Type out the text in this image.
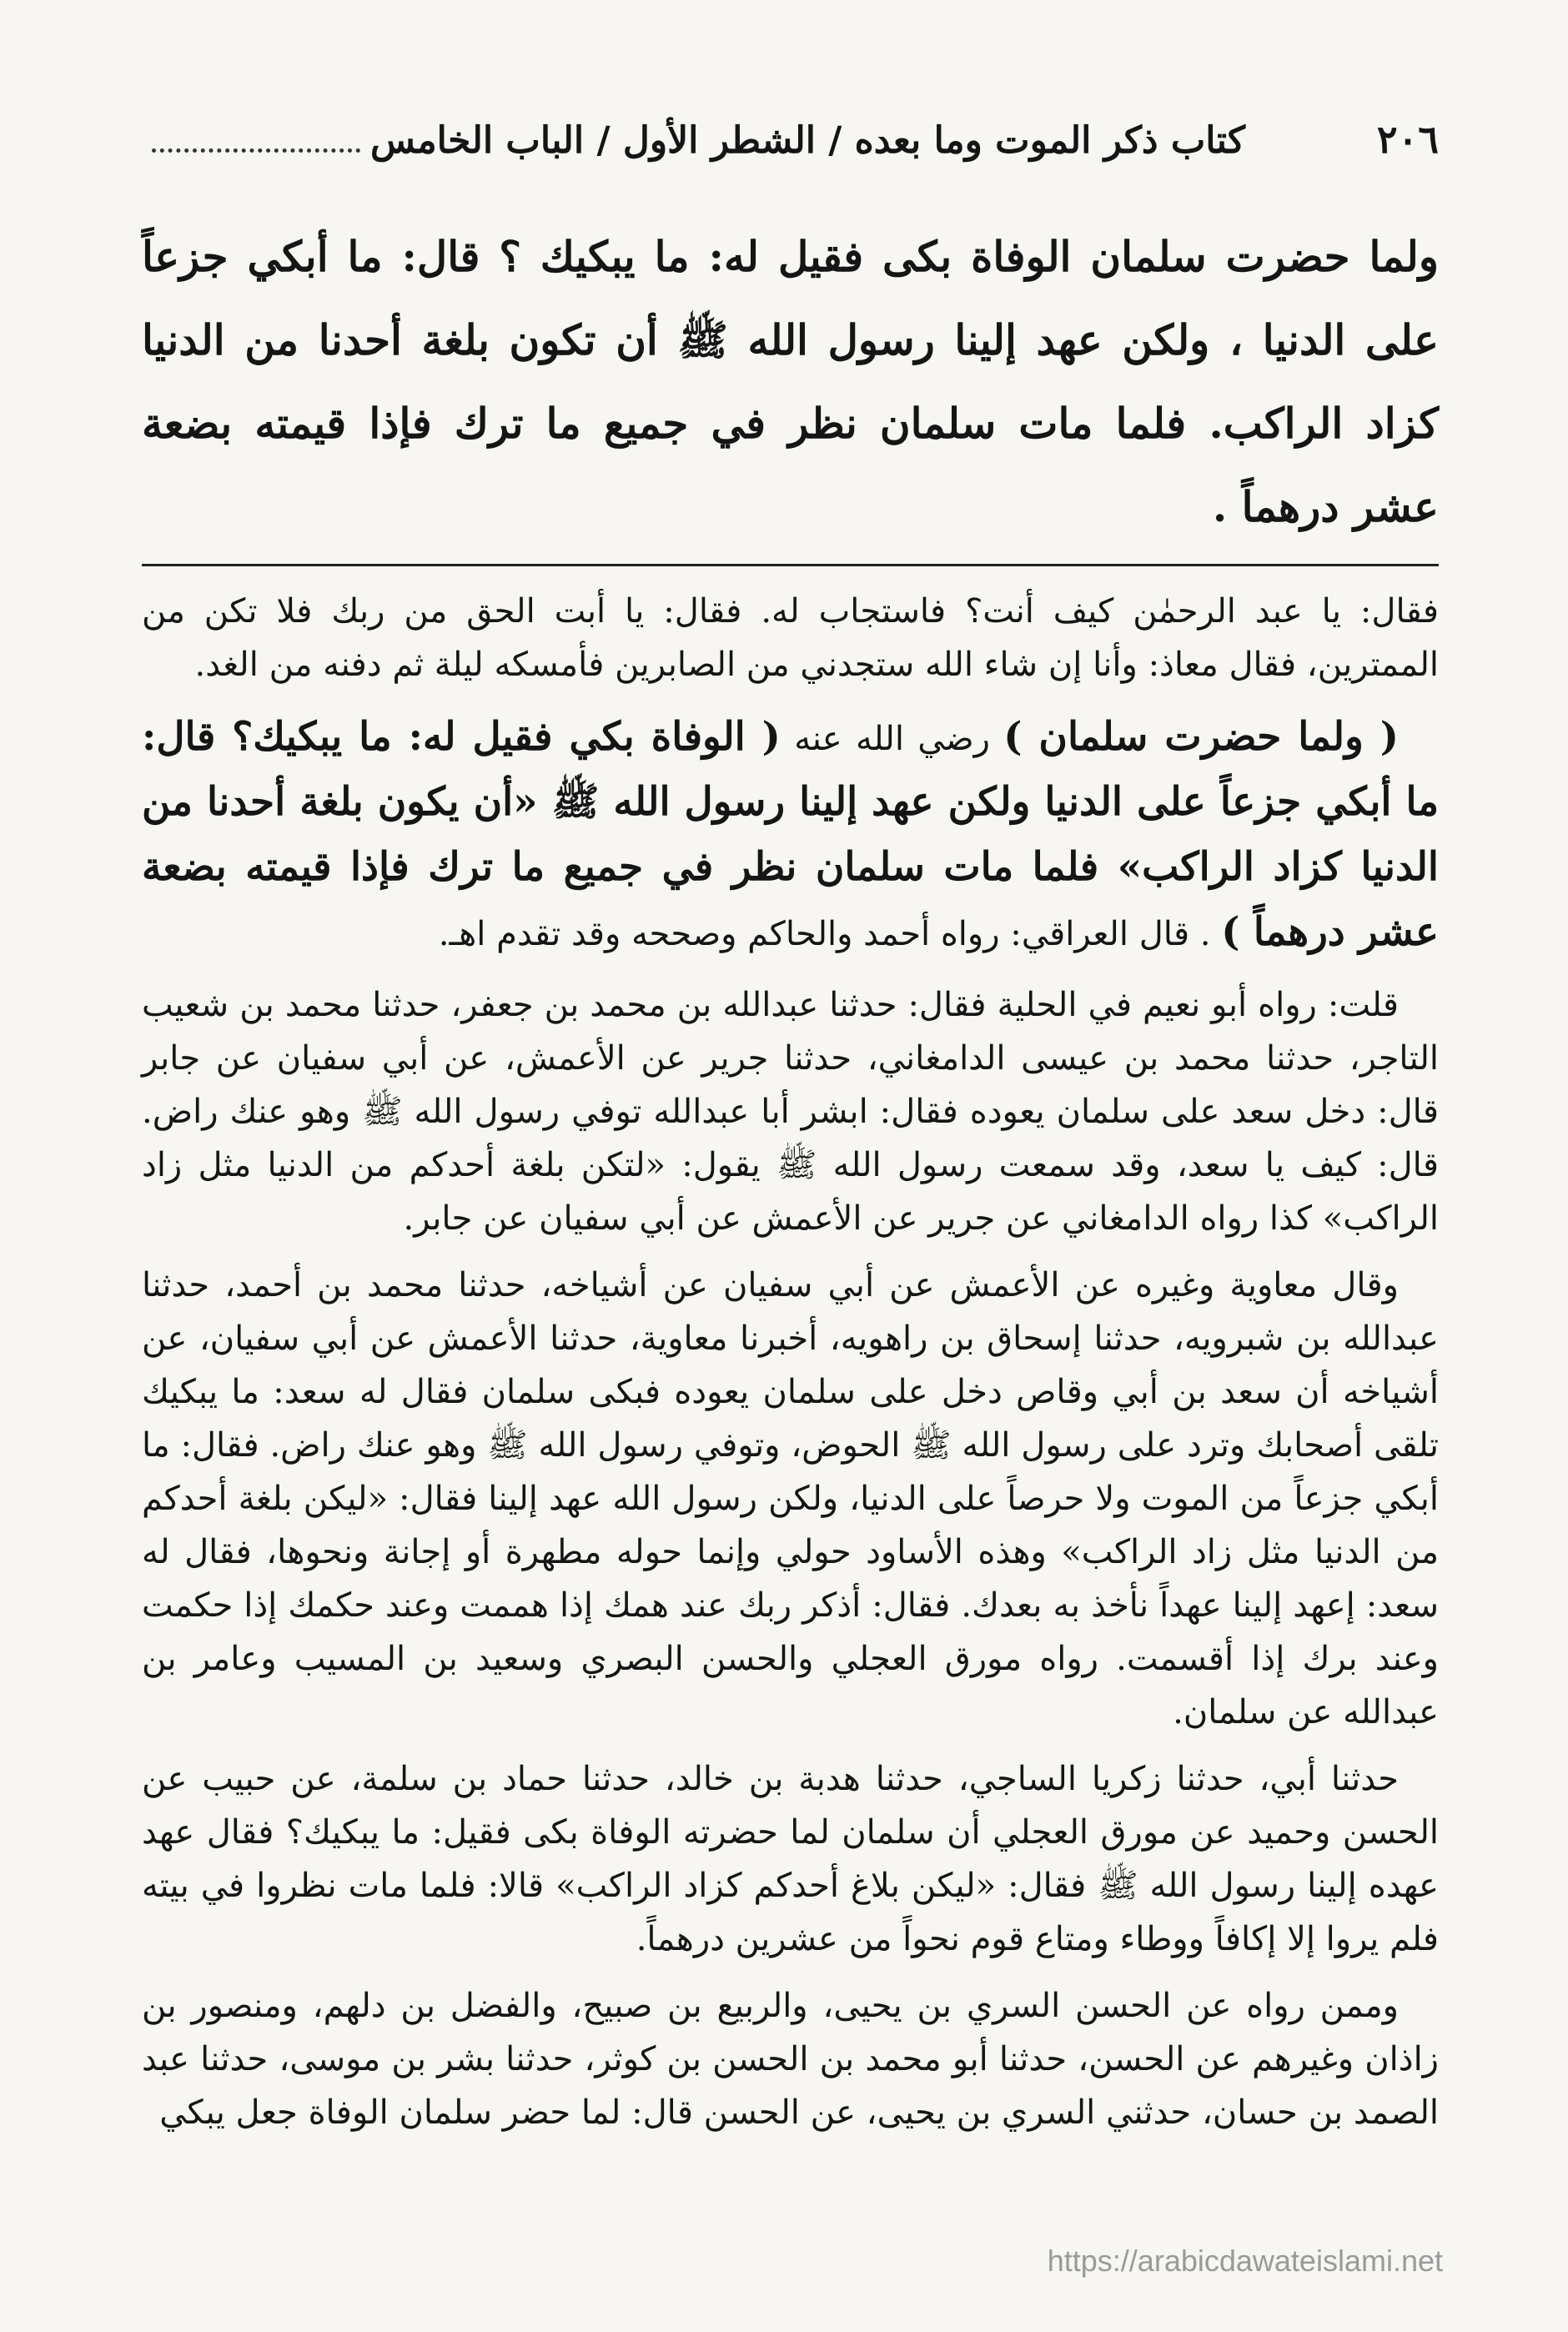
٢٠٦
كتاب ذكر الموت وما بعده / الشطر الأول / الباب الخامس
ولما حضرت سلمان الوفاة بكى فقيل له: ما يبكيك ؟ قال: ما أبكي جزعاً على الدنيا ، ولكن عهد إلينا رسول الله ﷺ أن تكون بلغة أحدنا من الدنيا كزاد الراكب. فلما مات سلمان نظر في جميع ما ترك فإذا قيمته بضعة عشر درهماً .

فقال: يا عبد الرحمٰن كيف أنت؟ فاستجاب له. فقال: يا أبت الحق من ربك فلا تكن من الممترين، فقال معاذ: وأنا إن شاء الله ستجدني من الصابرين فأمسكه ليلة ثم دفنه من الغد.

( ولما حضرت سلمان ) رضي الله عنه ( الوفاة بكي فقيل له: ما يبكيك؟ قال: ما أبكي جزعاً على الدنيا ولكن عهد إلينا رسول الله ﷺ «أن يكون بلغة أحدنا من الدنيا كزاد الراكب» فلما مات سلمان نظر في جميع ما ترك فإذا قيمته بضعة عشر درهماً ) . قال العراقي: رواه أحمد والحاكم وصححه وقد تقدم اهـ.

قلت: رواه أبو نعيم في الحلية فقال: حدثنا عبدالله بن محمد بن جعفر، حدثنا محمد بن شعيب التاجر، حدثنا محمد بن عيسى الدامغاني، حدثنا جرير عن الأعمش، عن أبي سفيان عن جابر قال: دخل سعد على سلمان يعوده فقال: ابشر أبا عبدالله توفي رسول الله ﷺ وهو عنك راض. قال: كيف يا سعد، وقد سمعت رسول الله ﷺ يقول: «لتكن بلغة أحدكم من الدنيا مثل زاد الراكب» كذا رواه الدامغاني عن جرير عن الأعمش عن أبي سفيان عن جابر.

وقال معاوية وغيره عن الأعمش عن أبي سفيان عن أشياخه، حدثنا محمد بن أحمد، حدثنا عبدالله بن شبرويه، حدثنا إسحاق بن راهويه، أخبرنا معاوية، حدثنا الأعمش عن أبي سفيان، عن أشياخه أن سعد بن أبي وقاص دخل على سلمان يعوده فبكى سلمان فقال له سعد: ما يبكيك تلقى أصحابك وترد على رسول الله ﷺ الحوض، وتوفي رسول الله ﷺ وهو عنك راض. فقال: ما أبكي جزعاً من الموت ولا حرصاً على الدنيا، ولكن رسول الله عهد إلينا فقال: «ليكن بلغة أحدكم من الدنيا مثل زاد الراكب» وهذه الأساود حولي وإنما حوله مطهرة أو إجانة ونحوها، فقال له سعد: إعهد إلينا عهداً نأخذ به بعدك. فقال: أذكر ربك عند همك إذا هممت وعند حكمك إذا حكمت وعند برك إذا أقسمت. رواه مورق العجلي والحسن البصري وسعيد بن المسيب وعامر بن عبدالله عن سلمان.

حدثنا أبي، حدثنا زكريا الساجي، حدثنا هدبة بن خالد، حدثنا حماد بن سلمة، عن حبيب عن الحسن وحميد عن مورق العجلي أن سلمان لما حضرته الوفاة بكى فقيل: ما يبكيك؟ فقال عهد عهده إلينا رسول الله ﷺ فقال: «ليكن بلاغ أحدكم كزاد الراكب» قالا: فلما مات نظروا في بيته فلم يروا إلا إكافاً ووطاء ومتاع قوم نحواً من عشرين درهماً.

وممن رواه عن الحسن السري بن يحيى، والربيع بن صبيح، والفضل بن دلهم، ومنصور بن زاذان وغيرهم عن الحسن، حدثنا أبو محمد بن الحسن بن كوثر، حدثنا بشر بن موسى، حدثنا عبد الصمد بن حسان، حدثني السري بن يحيى، عن الحسن قال: لما حضر سلمان الوفاة جعل يبكي

https://arabicdawateislami.net
